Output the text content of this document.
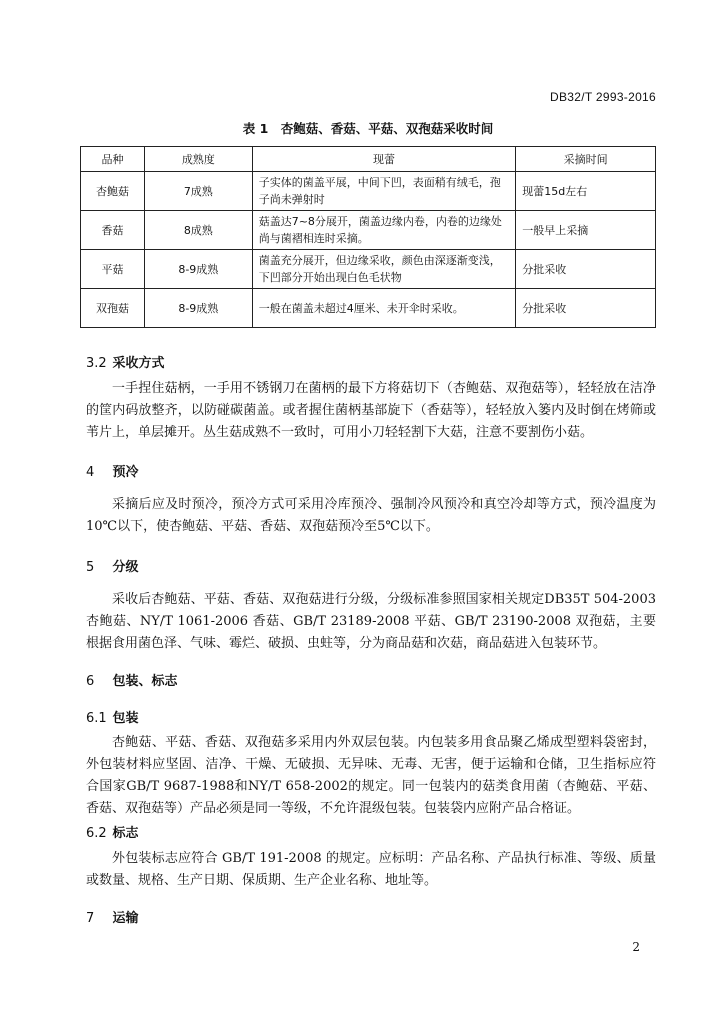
DB32/T 2993-2016
表 1　杏鲍菇、香菇、平菇、双孢菇采收时间
品种	成熟度	现蕾	采摘时间
杏鲍菇	7成熟	子实体的菌盖平展，中间下凹，表面稍有绒毛，孢子尚未弹射时	现蕾15d左右
香菇	8成熟	菇盖达7~8分展开，菌盖边缘内卷，内卷的边缘处尚与菌褶相连时采摘。	一般早上采摘
平菇	8-9成熟	菌盖充分展开，但边缘采收，颜色由深逐渐变浅，下凹部分开始出现白色毛状物	分批采收
双孢菇	8-9成熟	一般在菌盖未超过4厘米、未开伞时采收。	分批采收
3.2 采收方式
一手捏住菇柄，一手用不锈钢刀在菌柄的最下方将菇切下（杏鲍菇、双孢菇等），轻轻放在洁净的筐内码放整齐，以防碰碳菌盖。或者握住菌柄基部旋下（香菇等），轻轻放入篓内及时倒在烤筛或苇片上，单层摊开。丛生菇成熟不一致时，可用小刀轻轻割下大菇，注意不要割伤小菇。
4 预冷
采摘后应及时预冷，预冷方式可采用冷库预冷、强制冷风预冷和真空冷却等方式，预冷温度为10℃以下，使杏鲍菇、平菇、香菇、双孢菇预冷至5℃以下。
5 分级
采收后杏鲍菇、平菇、香菇、双孢菇进行分级，分级标准参照国家相关规定DB35T 504-2003 杏鲍菇、NY/T 1061-2006 香菇、GB/T 23189-2008 平菇、GB/T 23190-2008 双孢菇，主要根据食用菌色泽、气味、霉烂、破损、虫蛀等，分为商品菇和次菇，商品菇进入包装环节。
6 包装、标志
6.1 包装
杏鲍菇、平菇、香菇、双孢菇多采用内外双层包装。内包装多用食品聚乙烯成型塑料袋密封，外包装材料应坚固、洁净、干燥、无破损、无异味、无毒、无害，便于运输和仓储，卫生指标应符合国家GB/T 9687-1988和NY/T 658-2002的规定。同一包装内的菇类食用菌（杏鲍菇、平菇、香菇、双孢菇等）产品必须是同一等级，不允许混级包装。包装袋内应附产品合格证。
6.2 标志
外包装标志应符合 GB/T 191-2008 的规定。应标明：产品名称、产品执行标准、等级、质量或数量、规格、生产日期、保质期、生产企业名称、地址等。
7 运输
2
